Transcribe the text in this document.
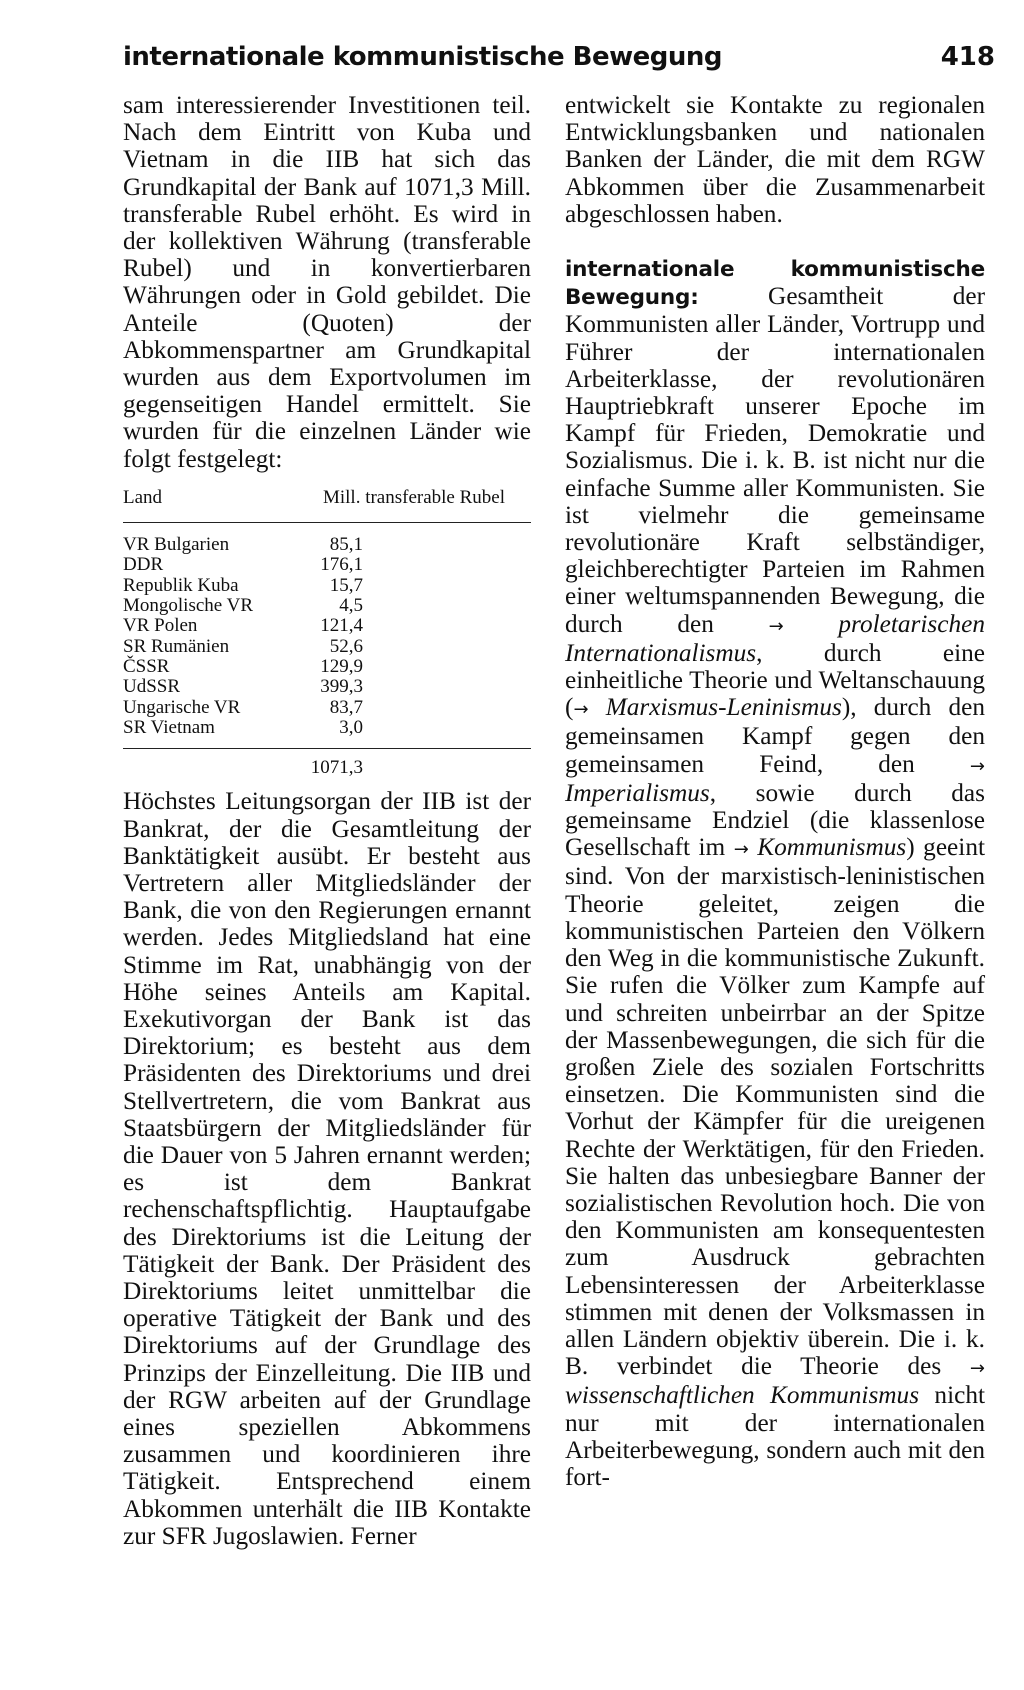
internationale kommunistische Bewegung	418

sam interessierender Investitionen teil. Nach dem Eintritt von Kuba und Vietnam in die IIB hat sich das Grundkapital der Bank auf 1071,3 Mill. transferable Rubel erhöht. Es wird in der kollektiven Währung (transferable Rubel) und in konvertierbaren Währungen oder in Gold gebildet. Die Anteile (Quoten) der Abkommenspartner am Grundkapital wurden aus dem Exportvolumen im gegenseitigen Handel ermittelt. Sie wurden für die einzelnen Länder wie folgt festgelegt:

Land	Mill. transferable Rubel
VR Bulgarien	85,1
DDR	176,1
Republik Kuba	15,7
Mongolische VR	4,5
VR Polen	121,4
SR Rumänien	52,6
ČSSR	129,9
UdSSR	399,3
Ungarische VR	83,7
SR Vietnam	3,0
	1071,3

Höchstes Leitungsorgan der IIB ist der Bankrat, der die Gesamtleitung der Banktätigkeit ausübt. Er besteht aus Vertretern aller Mitgliedsländer der Bank, die von den Regierungen ernannt werden. Jedes Mitgliedsland hat eine Stimme im Rat, unabhängig von der Höhe seines Anteils am Kapital. Exekutivorgan der Bank ist das Direktorium; es besteht aus dem Präsidenten des Direktoriums und drei Stellvertretern, die vom Bankrat aus Staatsbürgern der Mitgliedsländer für die Dauer von 5 Jahren ernannt werden; es ist dem Bankrat rechenschaftspflichtig. Hauptaufgabe des Direktoriums ist die Leitung der Tätigkeit der Bank. Der Präsident des Direktoriums leitet unmittelbar die operative Tätigkeit der Bank und des Direktoriums auf der Grundlage des Prinzips der Einzelleitung. Die IIB und der RGW arbeiten auf der Grundlage eines speziellen Abkommens zusammen und koordinieren ihre Tätigkeit. Entsprechend einem Abkommen unterhält die IIB Kontakte zur SFR Jugoslawien. Ferner

entwickelt sie Kontakte zu regionalen Entwicklungsbanken und nationalen Banken der Länder, die mit dem RGW Abkommen über die Zusammenarbeit abgeschlossen haben.

internationale kommunistische Bewegung: Gesamtheit der Kommunisten aller Länder, Vortrupp und Führer der internationalen Arbeiterklasse, der revolutionären Hauptriebkraft unserer Epoche im Kampf für Frieden, Demokratie und Sozialismus. Die i. k. B. ist nicht nur die einfache Summe aller Kommunisten. Sie ist vielmehr die gemeinsame revolutionäre Kraft selbständiger, gleichberechtigter Parteien im Rahmen einer weltumspannenden Bewegung, die durch den → proletarischen Internationalismus, durch eine einheitliche Theorie und Weltanschauung (→ Marxismus-Leninismus), durch den gemeinsamen Kampf gegen den gemeinsamen Feind, den → Imperialismus, sowie durch das gemeinsame Endziel (die klassenlose Gesellschaft im → Kommunismus) geeint sind. Von der marxistisch-leninistischen Theorie geleitet, zeigen die kommunistischen Parteien den Völkern den Weg in die kommunistische Zukunft. Sie rufen die Völker zum Kampfe auf und schreiten unbeirrbar an der Spitze der Massenbewegungen, die sich für die großen Ziele des sozialen Fortschritts einsetzen. Die Kommunisten sind die Vorhut der Kämpfer für die ureigenen Rechte der Werktätigen, für den Frieden. Sie halten das unbesiegbare Banner der sozialistischen Revolution hoch. Die von den Kommunisten am konsequentesten zum Ausdruck gebrachten Lebensinteressen der Arbeiterklasse stimmen mit denen der Volksmassen in allen Ländern objektiv überein. Die i. k. B. verbindet die Theorie des → wissenschaftlichen Kommunismus nicht nur mit der internationalen Arbeiterbewegung, sondern auch mit den fort-
